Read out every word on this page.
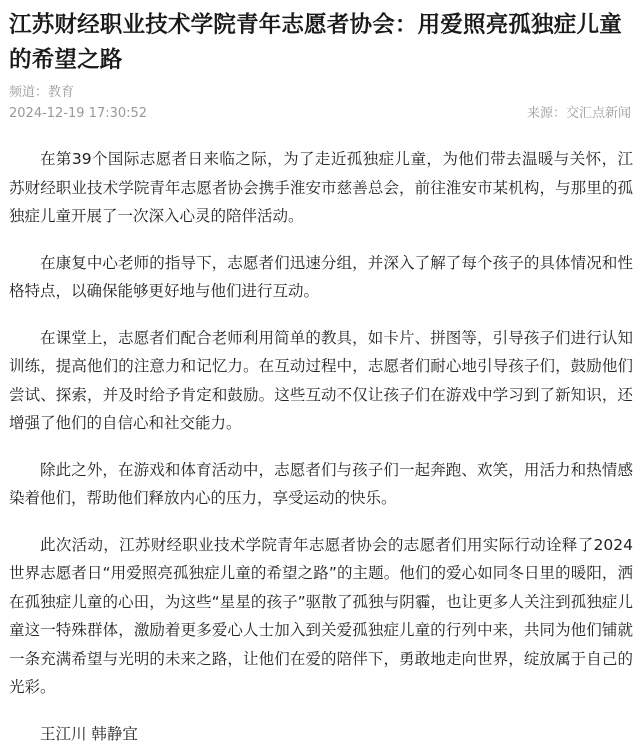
江苏财经职业技术学院青年志愿者协会：用爱照亮孤独症儿童的希望之路
频道：教育
2024-12-19 17:30:52	来源：交汇点新闻

在第39个国际志愿者日来临之际，为了走近孤独症儿童，为他们带去温暖与关怀，江苏财经职业技术学院青年志愿者协会携手淮安市慈善总会，前往淮安市某机构，与那里的孤独症儿童开展了一次深入心灵的陪伴活动。

在康复中心老师的指导下，志愿者们迅速分组，并深入了解了每个孩子的具体情况和性格特点，以确保能够更好地与他们进行互动。

在课堂上，志愿者们配合老师利用简单的教具，如卡片、拼图等，引导孩子们进行认知训练，提高他们的注意力和记忆力。在互动过程中，志愿者们耐心地引导孩子们，鼓励他们尝试、探索，并及时给予肯定和鼓励。这些互动不仅让孩子们在游戏中学习到了新知识，还增强了他们的自信心和社交能力。

除此之外，在游戏和体育活动中，志愿者们与孩子们一起奔跑、欢笑，用活力和热情感染着他们，帮助他们释放内心的压力，享受运动的快乐。

此次活动，江苏财经职业技术学院青年志愿者协会的志愿者们用实际行动诠释了2024世界志愿者日“用爱照亮孤独症儿童的希望之路”的主题。他们的爱心如同冬日里的暖阳，洒在孤独症儿童的心田，为这些“星星的孩子”驱散了孤独与阴霾，也让更多人关注到孤独症儿童这一特殊群体，激励着更多爱心人士加入到关爱孤独症儿童的行列中来，共同为他们铺就一条充满希望与光明的未来之路，让他们在爱的陪伴下，勇敢地走向世界，绽放属于自己的光彩。

王江川 韩静宜
